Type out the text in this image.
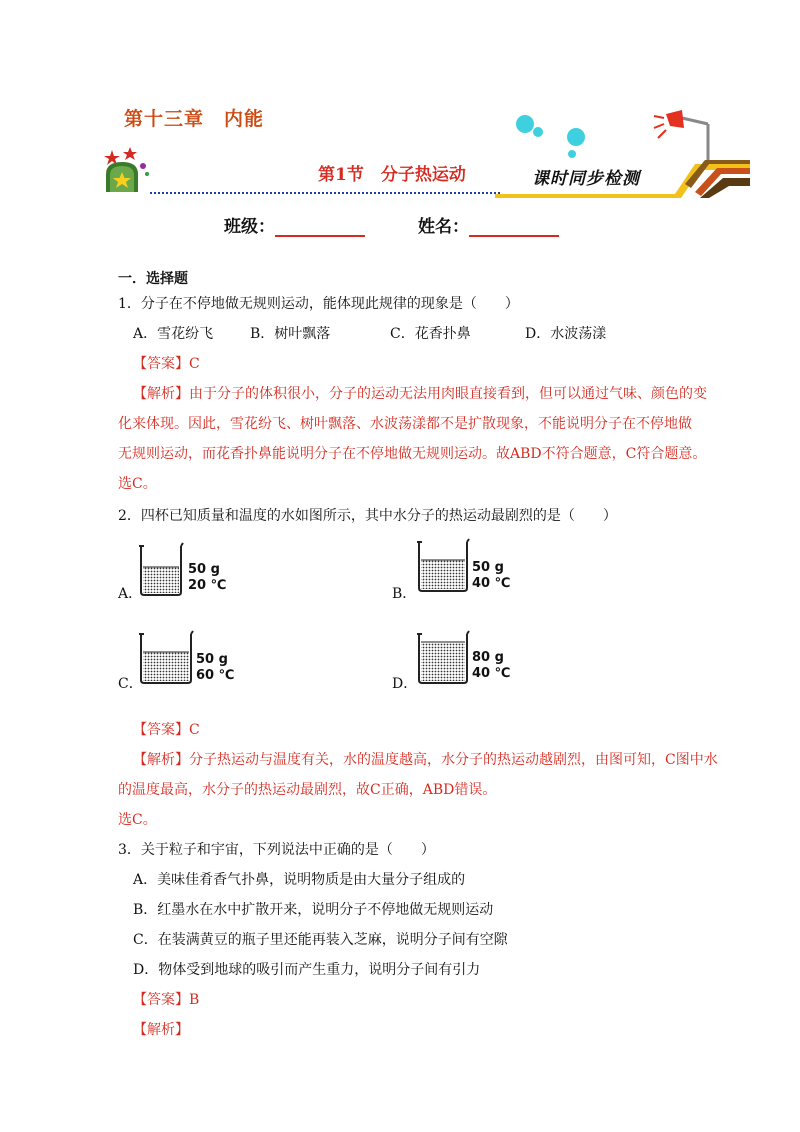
第十三章　内能
第1节　分子热运动	课时同步检测
班级：	姓名：
一．选择题
1．分子在不停地做无规则运动，能体现此规律的现象是（　　）
A．雪花纷飞	B．树叶飘落	C．花香扑鼻	D．水波荡漾
【答案】C
【解析】由于分子的体积很小，分子的运动无法用肉眼直接看到，但可以通过气味、颜色的变
化来体现。因此，雪花纷飞、树叶飘落、水波荡漾都不是扩散现象，不能说明分子在不停地做
无规则运动，而花香扑鼻能说明分子在不停地做无规则运动。故ABD不符合题意，C符合题意。
选C。
2．四杯已知质量和温度的水如图所示，其中水分子的热运动最剧烈的是（　　）
A．
50 g
20 ℃
B．
50 g
40 ℃
C．
50 g
60 ℃
D．
80 g
40 ℃
【答案】C
【解析】分子热运动与温度有关，水的温度越高，水分子的热运动越剧烈，由图可知，C图中水
的温度最高，水分子的热运动最剧烈，故C正确，ABD错误。
选C。
3．关于粒子和宇宙，下列说法中正确的是（　　）
A．美味佳肴香气扑鼻，说明物质是由大量分子组成的
B．红墨水在水中扩散开来，说明分子不停地做无规则运动
C．在装满黄豆的瓶子里还能再装入芝麻，说明分子间有空隙
D．物体受到地球的吸引而产生重力，说明分子间有引力
【答案】B
【解析】
